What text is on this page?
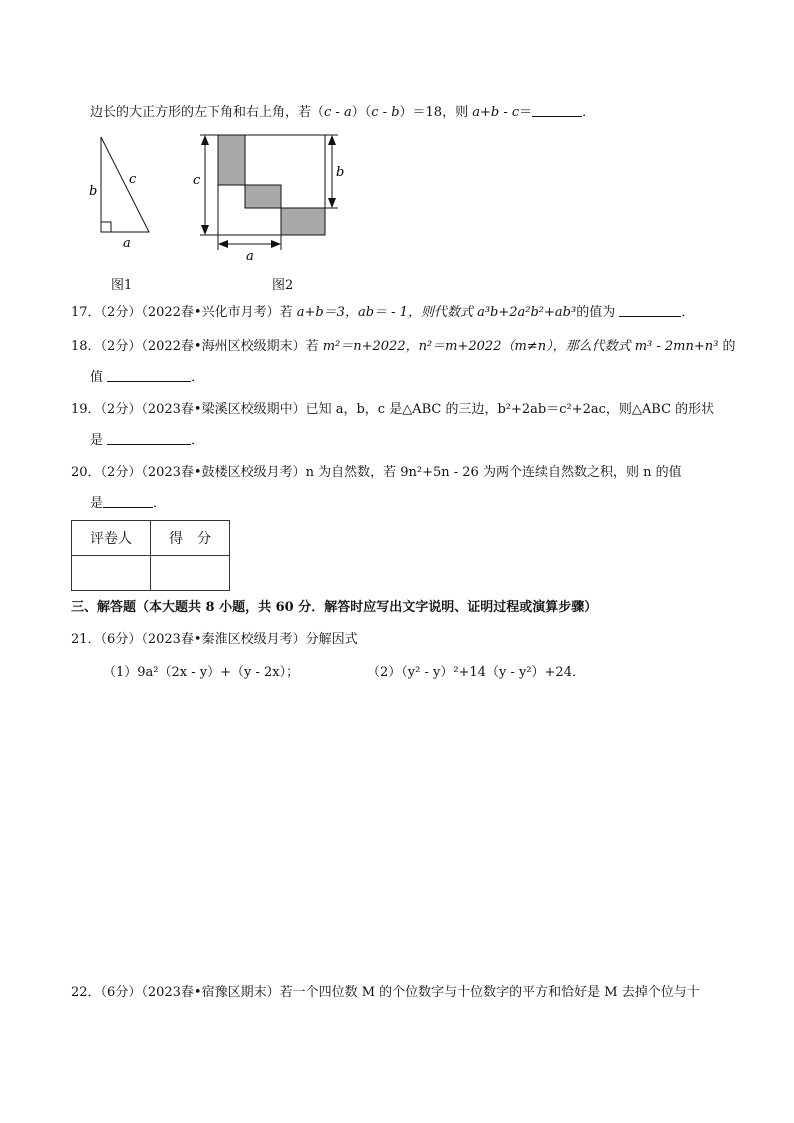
边长的大正方形的左下角和右上角，若（c - a）（c - b）＝18，则 a+b - c＝	．
b
c
a
图1
c
b
a
图2
17．（2分）（2022春•兴化市月考）若 a+b＝3，ab＝ - 1，则代数式 a³b+2a²b²+ab³的值为	．
18．（2分）（2022春•海州区校级期末）若 m²＝n+2022，n²＝m+2022（m≠n），那么代数式 m³ - 2mn+n³ 的
值	．
19．（2分）（2023春•梁溪区校级期中）已知 a，b，c 是△ABC 的三边，b²+2ab＝c²+2ac，则△ABC 的形状
是	．
20．（2分）（2023春•鼓楼区校级月考）n 为自然数，若 9n²+5n - 26 为两个连续自然数之积，则 n 的值
是	．
评卷人	得　分

三、解答题（本大题共 8 小题，共 60 分．解答时应写出文字说明、证明过程或演算步骤）
21．（6分）（2023春•秦淮区校级月考）分解因式
（1）9a²（2x - y）+（y - 2x）；	（2）（y² - y）²+14（y - y²）+24．
22．（6分）（2023春•宿豫区期末）若一个四位数 M 的个位数字与十位数字的平方和恰好是 M 去掉个位与十
